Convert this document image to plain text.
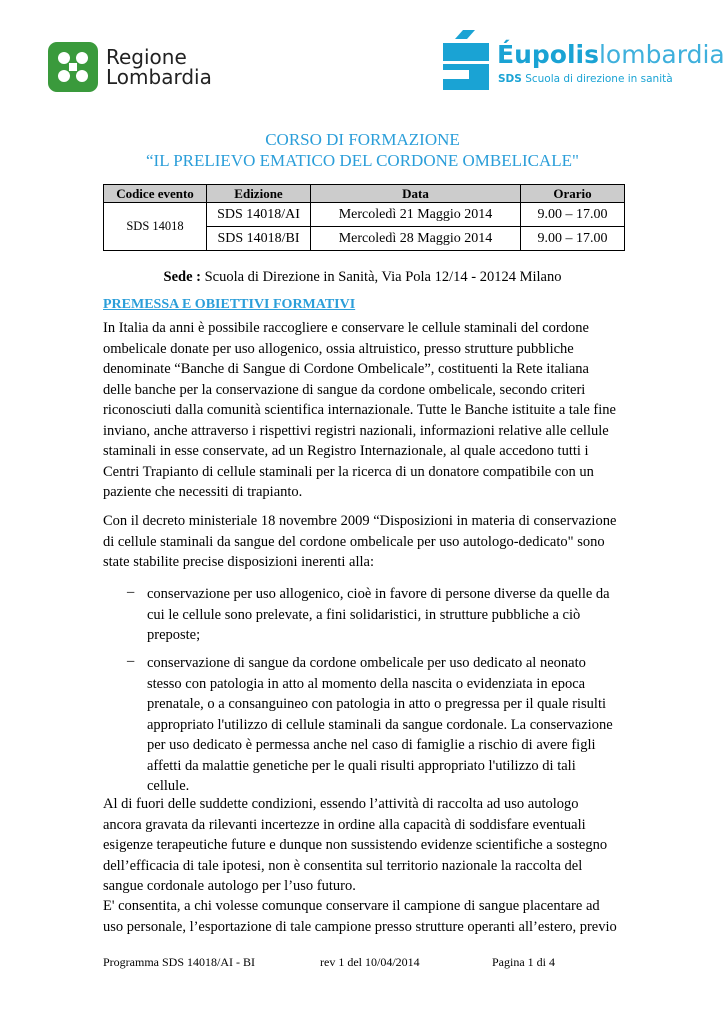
Regione
Lombardia
Éupolislombardia
SDS Scuola di direzione in sanità
CORSO DI FORMAZIONE
“IL PRELIEVO EMATICO DEL CORDONE OMBELICALE"
Codice evento	Edizione	Data	Orario
SDS 14018	SDS 14018/AI	Mercoledì 21 Maggio 2014	9.00 – 17.00
	SDS 14018/BI	Mercoledì 28 Maggio 2014	9.00 – 17.00
Sede : Scuola di Direzione in Sanità, Via Pola 12/14 - 20124 Milano
PREMESSA E OBIETTIVI FORMATIVI
In Italia da anni è possibile raccogliere e conservare le cellule staminali del cordone
ombelicale donate per uso allogenico, ossia altruistico, presso strutture pubbliche
denominate “Banche di Sangue di Cordone Ombelicale”, costituenti la Rete italiana
delle banche per la conservazione di sangue da cordone ombelicale, secondo criteri
riconosciuti dalla comunità scientifica internazionale. Tutte le Banche istituite a tale fine
inviano, anche attraverso i rispettivi registri nazionali, informazioni relative alle cellule
staminali in esse conservate, ad un Registro Internazionale, al quale accedono tutti i
Centri Trapianto di cellule staminali per la ricerca di un donatore compatibile con un
paziente che necessiti di trapianto.
Con il decreto ministeriale 18 novembre 2009 “Disposizioni in materia di conservazione
di cellule staminali da sangue del cordone ombelicale per uso autologo-dedicato" sono
state stabilite precise disposizioni inerenti alla:
– conservazione per uso allogenico, cioè in favore di persone diverse da quelle da
cui le cellule sono prelevate, a fini solidaristici, in strutture pubbliche a ciò
preposte;
– conservazione di sangue da cordone ombelicale per uso dedicato al neonato
stesso con patologia in atto al momento della nascita o evidenziata in epoca
prenatale, o a consanguineo con patologia in atto o pregressa per il quale risulti
appropriato l'utilizzo di cellule staminali da sangue cordonale. La conservazione
per uso dedicato è permessa anche nel caso di famiglie a rischio di avere figli
affetti da malattie genetiche per le quali risulti appropriato l'utilizzo di tali
cellule.
Al di fuori delle suddette condizioni, essendo l’attività di raccolta ad uso autologo
ancora gravata da rilevanti incertezze in ordine alla capacità di soddisfare eventuali
esigenze terapeutiche future e dunque non sussistendo evidenze scientifiche a sostegno
dell’efficacia di tale ipotesi, non è consentita sul territorio nazionale la raccolta del
sangue cordonale autologo per l’uso futuro.
E' consentita, a chi volesse comunque conservare il campione di sangue placentare ad
uso personale, l’esportazione di tale campione presso strutture operanti all’estero, previo
Programma SDS 14018/AI - BI	rev 1 del 10/04/2014	Pagina 1 di 4
